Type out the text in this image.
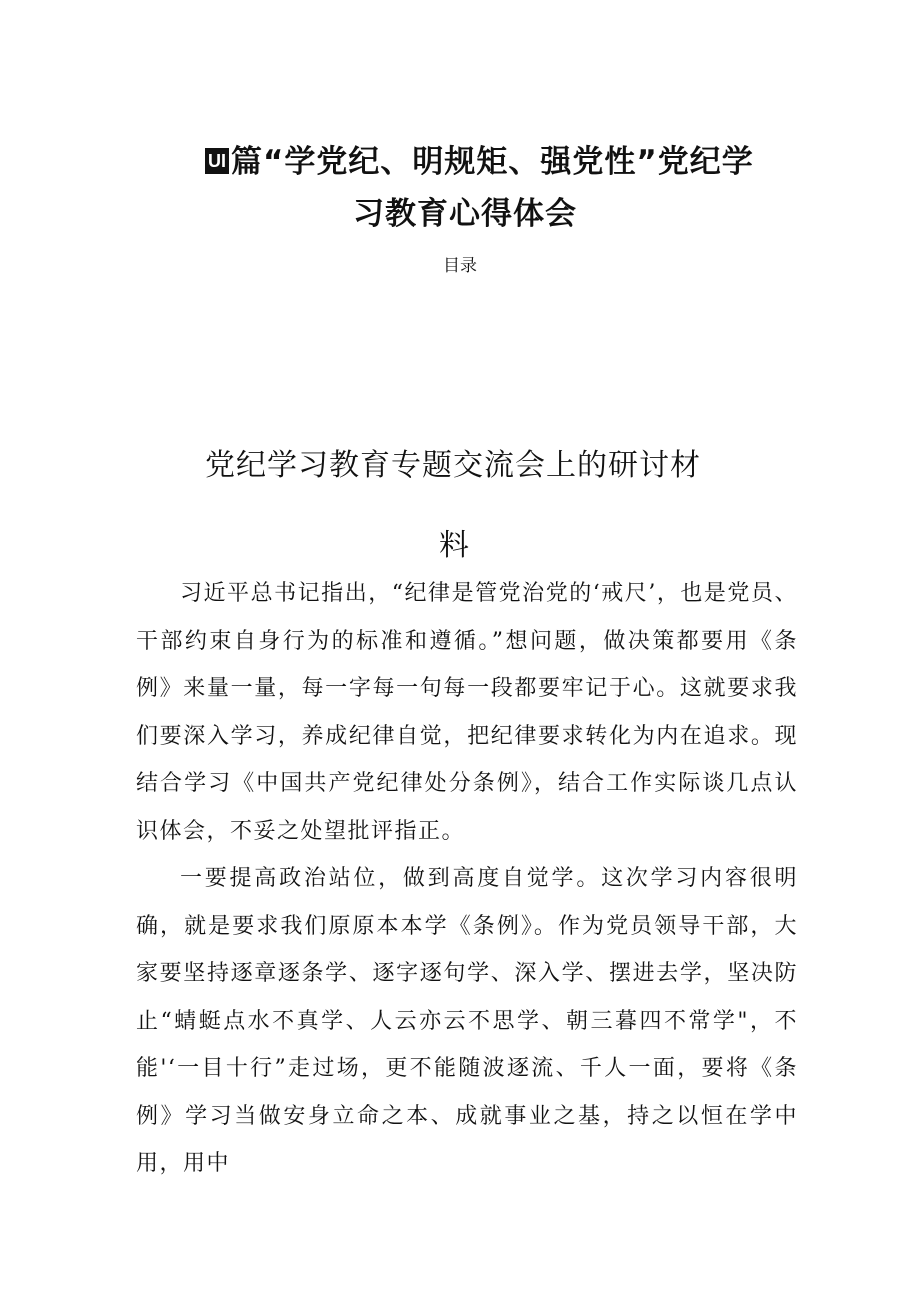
UI 篇“学党纪、明规矩、强党性”党纪学
习教育心得体会
目录
党纪学习教育专题交流会上的研讨材
料

习近平总书记指出，“纪律是管党治党的‘戒尺’，也是党员、干部约束自身行为的标准和遵循。”想问题，做决策都要用《条例》来量一量，每一字每一句每一段都要牢记于心。这就要求我们要深入学习，养成纪律自觉，把纪律要求转化为内在追求。现结合学习《中国共产党纪律处分条例》，结合工作实际谈几点认识体会，不妥之处望批评指正。

一要提高政治站位，做到高度自觉学。这次学习内容很明确，就是要求我们原原本本学《条例》。作为党员领导干部，大家要坚持逐章逐条学、逐字逐句学、深入学、摆进去学，坚决防止“蜻蜓点水不真学、人云亦云不思学、朝三暮四不常学"，不能'‘一目十行”走过场，更不能随波逐流、千人一面，要将《条例》学习当做安身立命之本、成就事业之基，持之以恒在学中用，用中
